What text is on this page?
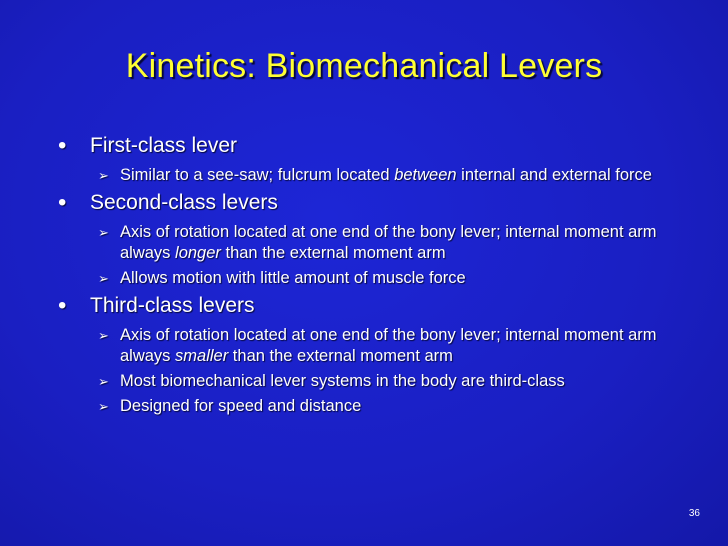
Kinetics: Biomechanical Levers
• First-class lever
➢ Similar to a see-saw; fulcrum located between internal and external force
• Second-class levers
➢ Axis of rotation located at one end of the bony lever; internal moment arm always longer than the external moment arm
➢ Allows motion with little amount of muscle force
• Third-class levers
➢ Axis of rotation located at one end of the bony lever; internal moment arm always smaller than the external moment arm
➢ Most biomechanical lever systems in the body are third-class
➢ Designed for speed and distance
36
